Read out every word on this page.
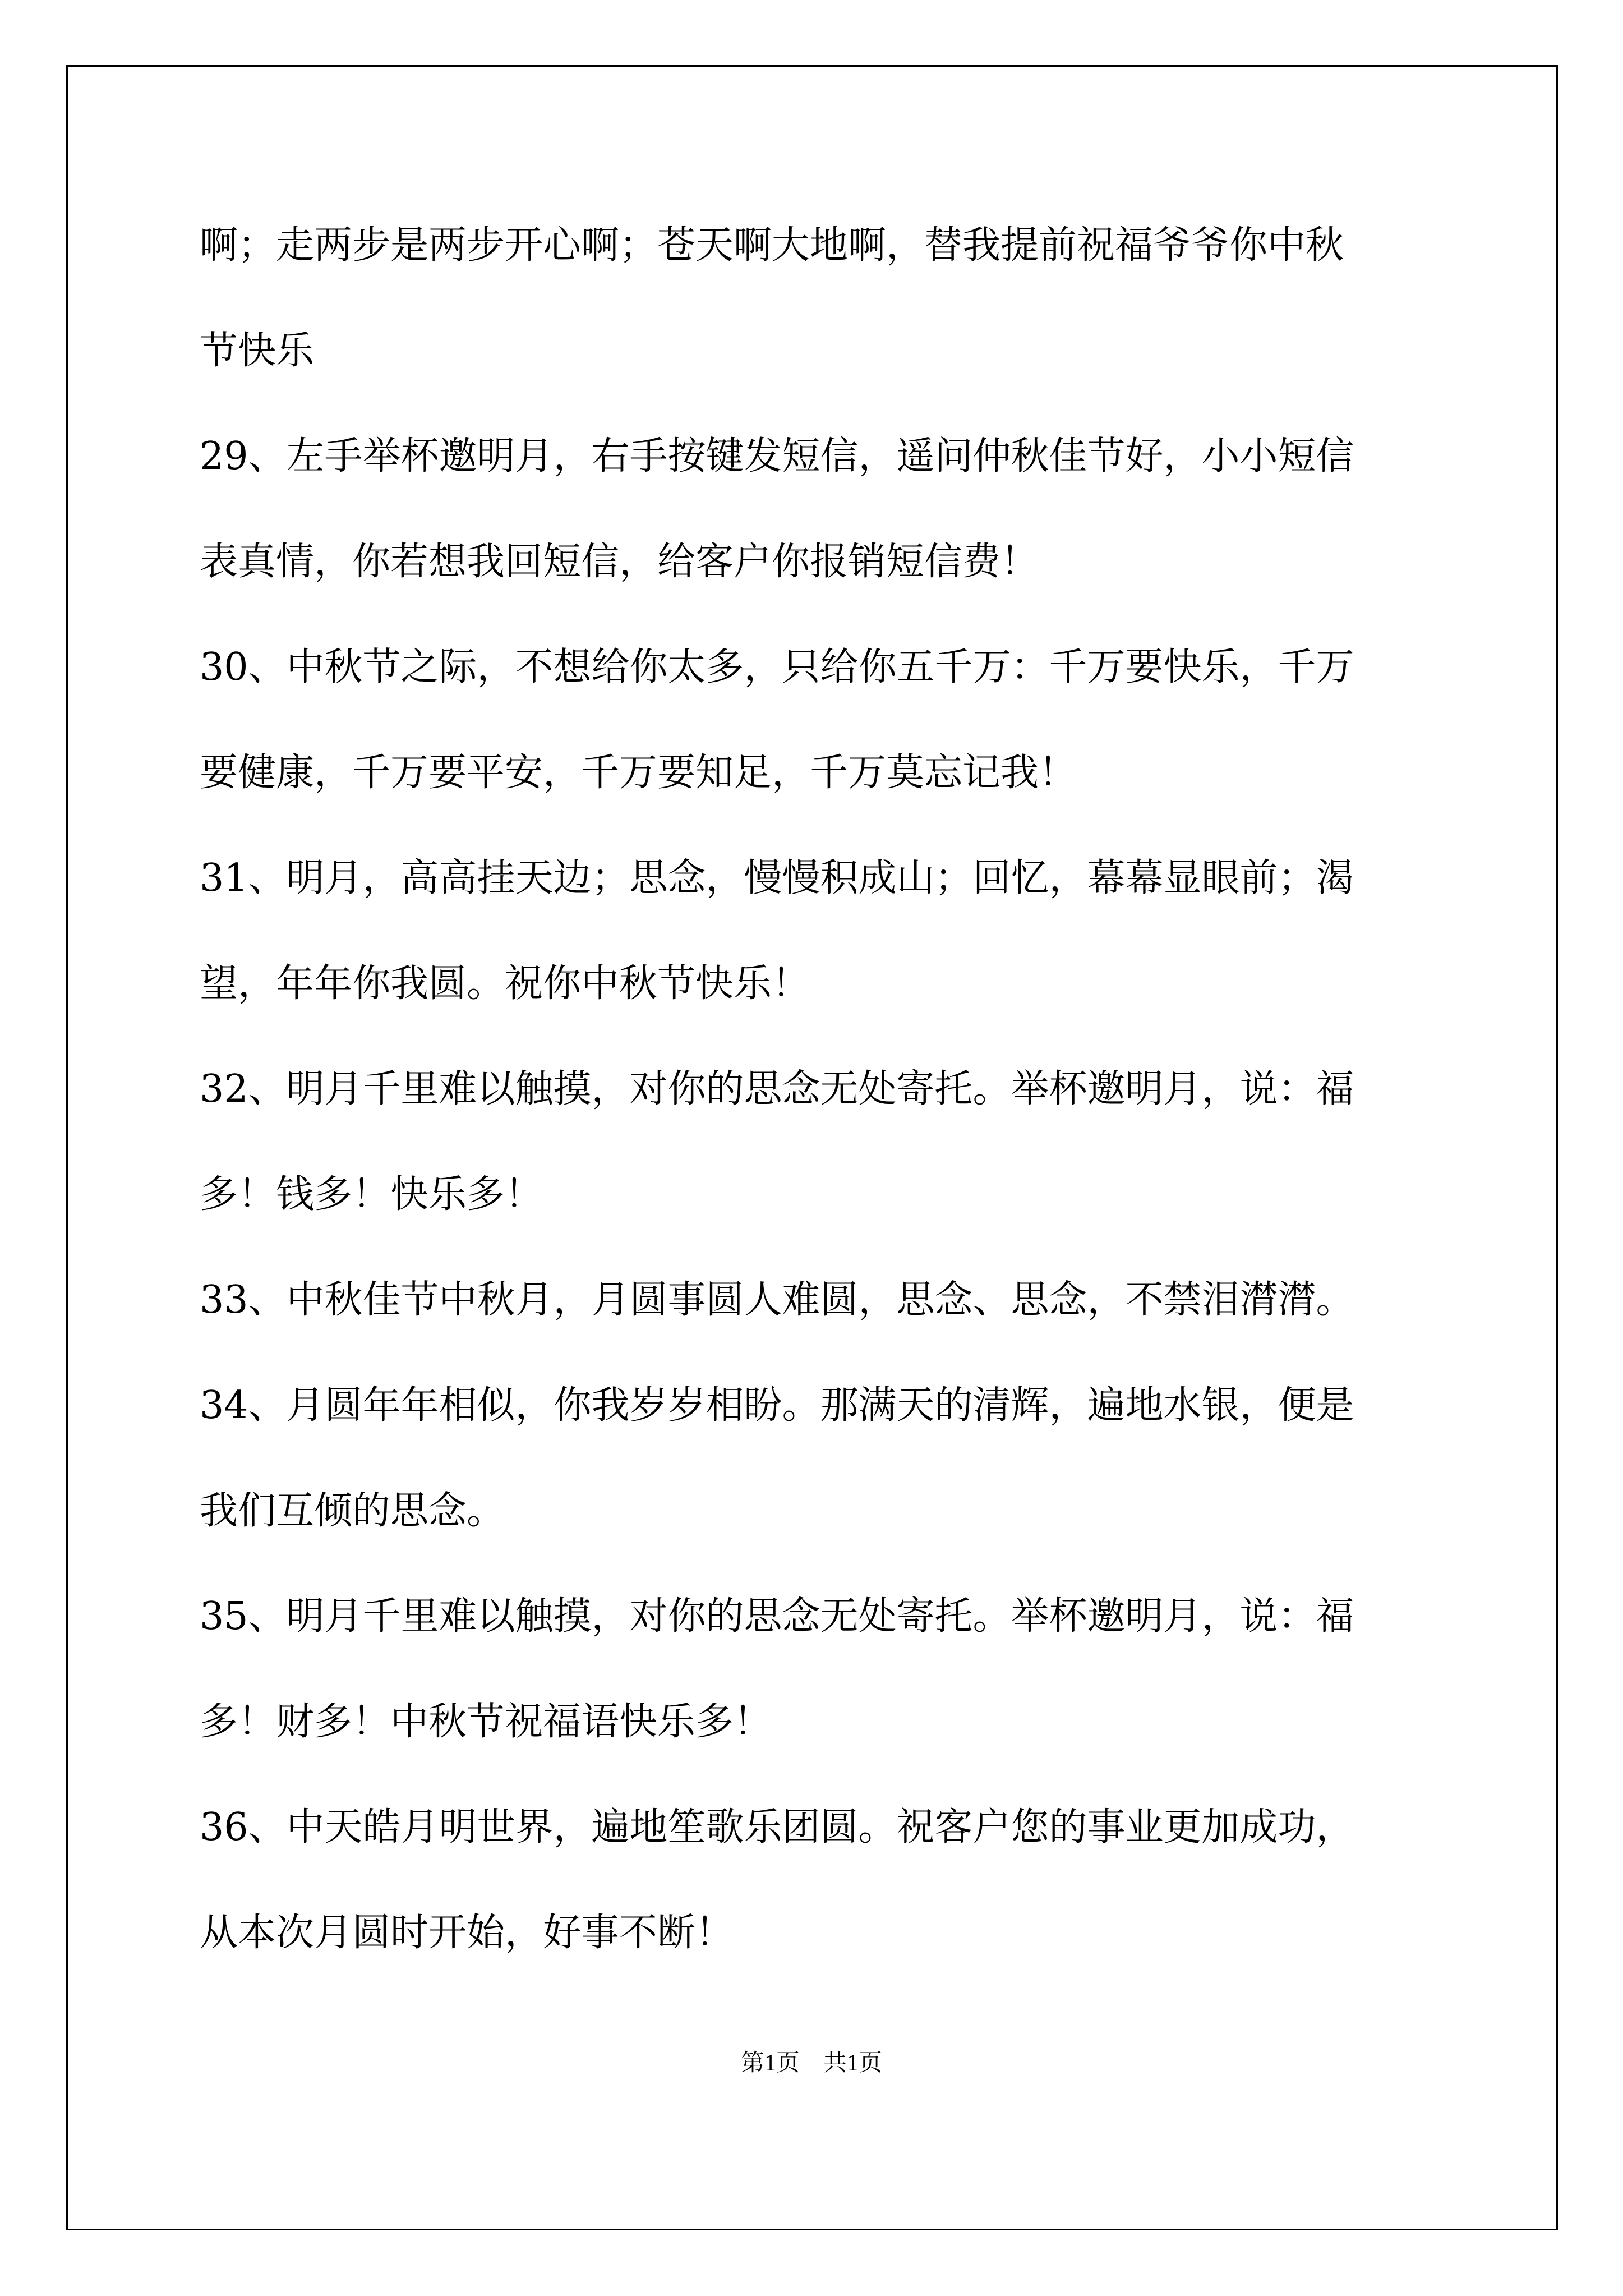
啊；走两步是两步开心啊；苍天啊大地啊，替我提前祝福爷爷你中秋
节快乐
29、左手举杯邀明月，右手按键发短信，遥问仲秋佳节好，小小短信
表真情，你若想我回短信，给客户你报销短信费！
30、中秋节之际，不想给你太多，只给你五千万：千万要快乐，千万
要健康，千万要平安，千万要知足，千万莫忘记我！
31、明月，高高挂天边；思念，慢慢积成山；回忆，幕幕显眼前；渴
望，年年你我圆。祝你中秋节快乐！
32、明月千里难以触摸，对你的思念无处寄托。举杯邀明月，说：福
多！钱多！快乐多！
33、中秋佳节中秋月，月圆事圆人难圆，思念、思念，不禁泪潸潸。
34、月圆年年相似，你我岁岁相盼。那满天的清辉，遍地水银，便是
我们互倾的思念。
35、明月千里难以触摸，对你的思念无处寄托。举杯邀明月，说：福
多！财多！中秋节祝福语快乐多！
36、中天皓月明世界，遍地笙歌乐团圆。祝客户您的事业更加成功，
从本次月圆时开始，好事不断！
第1页　共1页
